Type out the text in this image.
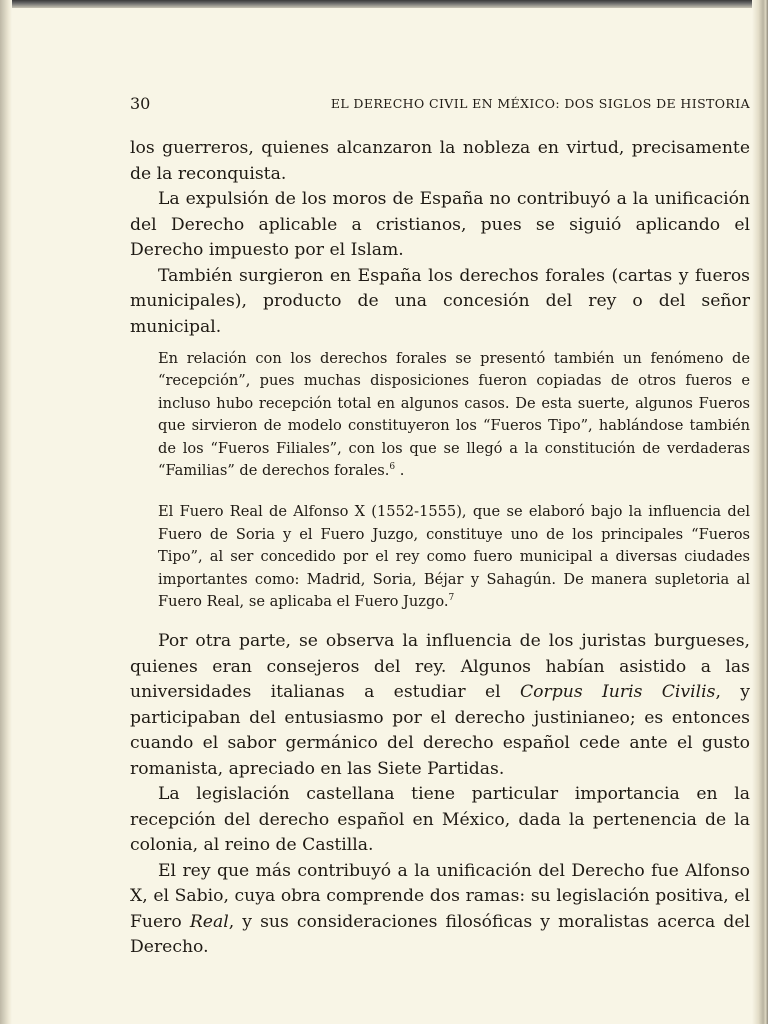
30	EL DERECHO CIVIL EN MÉXICO: DOS SIGLOS DE HISTORIA

los guerreros, quienes alcanzaron la nobleza en virtud, precisamente de la reconquista.

La expulsión de los moros de España no contribuyó a la unificación del Derecho aplicable a cristianos, pues se siguió aplicando el Derecho impuesto por el Islam.

También surgieron en España los derechos forales (cartas y fueros municipales), producto de una concesión del rey o del señor municipal.

En relación con los derechos forales se presentó también un fenómeno de “recepción”, pues muchas disposiciones fueron copiadas de otros fueros e incluso hubo recepción total en algunos casos. De esta suerte, algunos Fueros que sirvieron de modelo constituyeron los “Fueros Tipo”, hablándose también de los “Fueros Filiales”, con los que se llegó a la constitución de verdaderas “Familias” de derechos forales.$^6$ .

El Fuero Real de Alfonso X (1552-1555), que se elaboró bajo la influencia del Fuero de Soria y el Fuero Juzgo, constituye uno de los principales “Fueros Tipo”, al ser concedido por el rey como fuero municipal a diversas ciudades importantes como: Madrid, Soria, Béjar y Sahagún. De manera supletoria al Fuero Real, se aplicaba el Fuero Juzgo.$^7$

Por otra parte, se observa la influencia de los juristas burgueses, quienes eran consejeros del rey. Algunos habían asistido a las universidades italianas a estudiar el Corpus Iuris Civilis, y participaban del entusiasmo por el derecho justinianeo; es entonces cuando el sabor germánico del derecho español cede ante el gusto romanista, apreciado en las Siete Partidas.

La legislación castellana tiene particular importancia en la recepción del derecho español en México, dada la pertenencia de la colonia, al reino de Castilla.

El rey que más contribuyó a la unificación del Derecho fue Alfonso X, el Sabio, cuya obra comprende dos ramas: su legislación positiva, el Fuero Real, y sus consideraciones filosóficas y moralistas acerca del Derecho.
